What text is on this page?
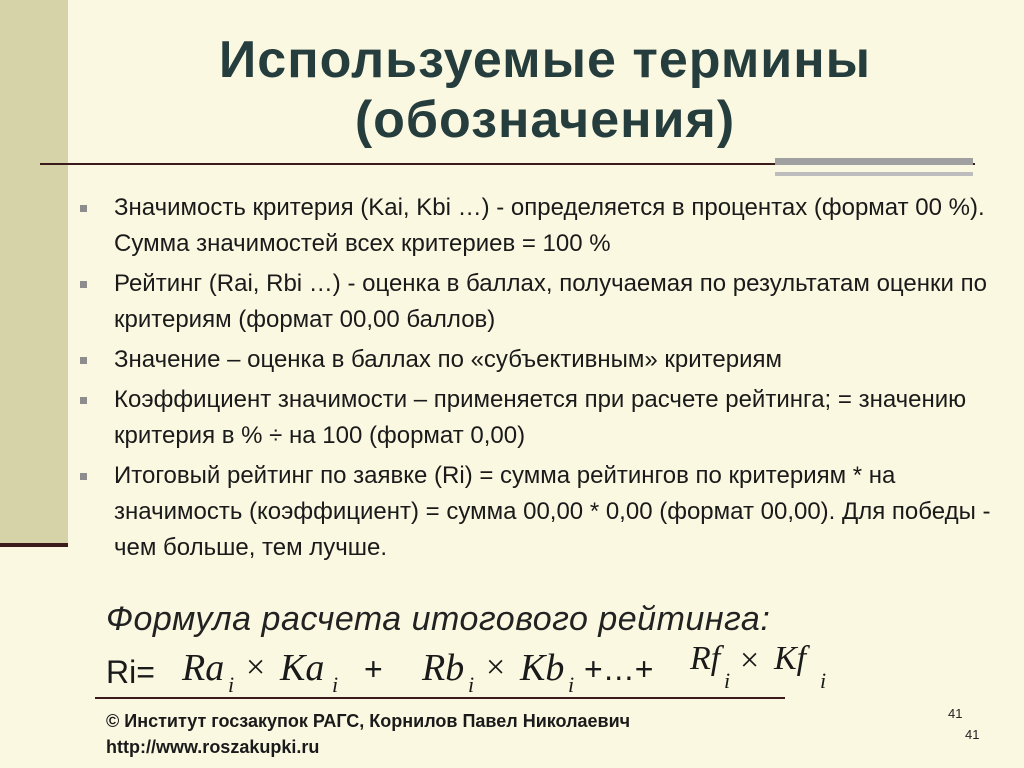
Используемые термины
(обозначения)
Значимость критерия (Kai, Kbi …) - определяется в процентах (формат 00 %). Сумма значимостей всех критериев = 100 %
Рейтинг (Rai, Rbi …) - оценка в баллах, получаемая по результатам оценки по критериям (формат 00,00 баллов)
Значение – оценка в баллах по «субъективным» критериям
Коэффициент значимости – применяется при расчете рейтинга; = значению критерия в % ÷ на 100 (формат 0,00)
Итоговый рейтинг по заявке (Ri) = сумма рейтингов по критериям * на значимость (коэффициент) = сумма 00,00 * 0,00 (формат 00,00). Для победы - чем больше, тем лучше.
Формула расчета итогового рейтинга:
Ri= Ra i × Ka i + Rb i × Kb i +…+ Rf
i
× Kf
i
© Институт госзакупок РАГС, Корнилов Павел Николаевич
http://www.roszakupki.ru
41
41
